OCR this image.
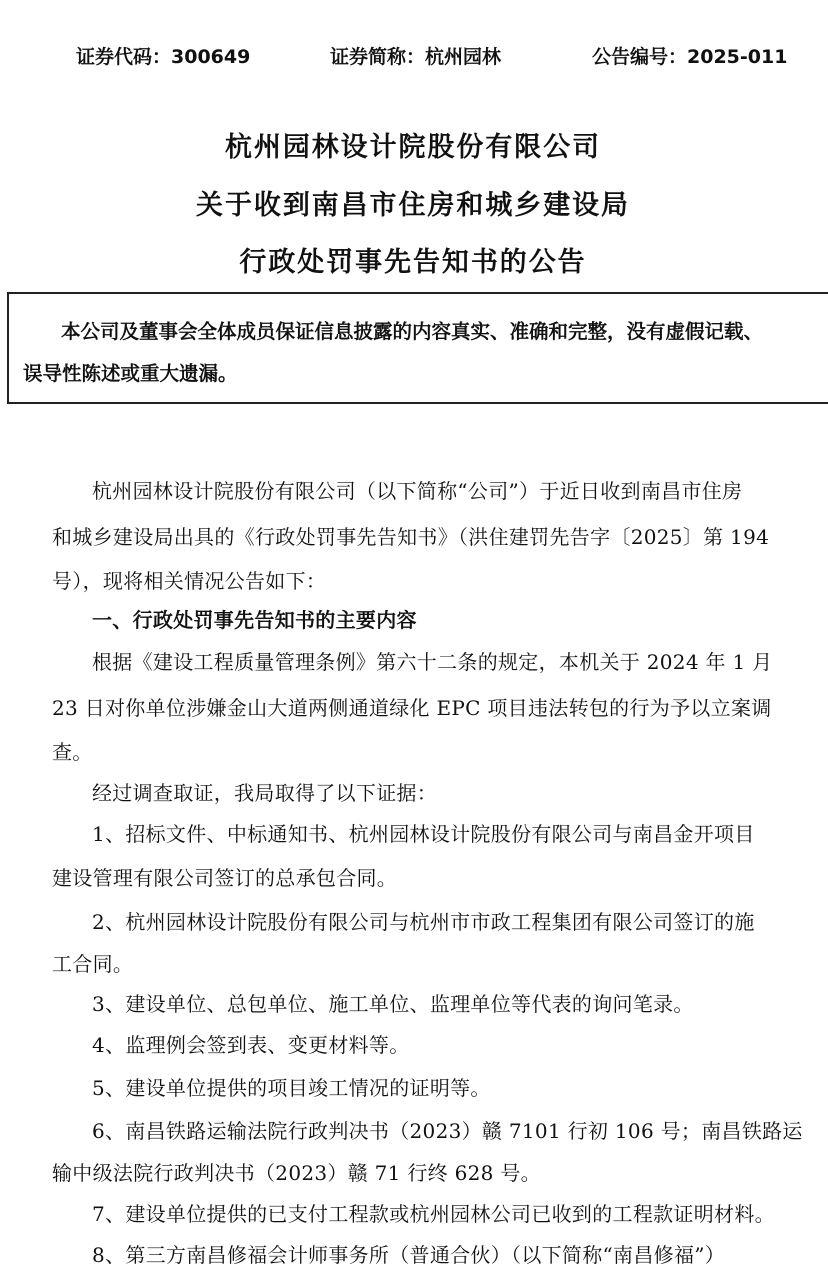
证券代码：300649	证券简称：杭州园林	公告编号：2025-011
杭州园林设计院股份有限公司
关于收到南昌市住房和城乡建设局
行政处罚事先告知书的公告
本公司及董事会全体成员保证信息披露的内容真实、准确和完整，没有虚假记载、
误导性陈述或重大遗漏。
杭州园林设计院股份有限公司（以下简称“公司”）于近日收到南昌市住房
和城乡建设局出具的《行政处罚事先告知书》（洪住建罚先告字〔2025〕第 194
号），现将相关情况公告如下：
一、行政处罚事先告知书的主要内容
根据《建设工程质量管理条例》第六十二条的规定，本机关于 2024 年 1 月
23 日对你单位涉嫌金山大道两侧通道绿化 EPC 项目违法转包的行为予以立案调
查。
经过调查取证，我局取得了以下证据：
1、招标文件、中标通知书、杭州园林设计院股份有限公司与南昌金开项目
建设管理有限公司签订的总承包合同。
2、杭州园林设计院股份有限公司与杭州市市政工程集团有限公司签订的施
工合同。
3、建设单位、总包单位、施工单位、监理单位等代表的询问笔录。
4、监理例会签到表、变更材料等。
5、建设单位提供的项目竣工情况的证明等。
6、南昌铁路运输法院行政判决书（2023）赣 7101 行初 106 号；南昌铁路运
输中级法院行政判决书（2023）赣 71 行终 628 号。
7、建设单位提供的已支付工程款或杭州园林公司已收到的工程款证明材料。
8、第三方南昌修福会计师事务所（普通合伙）（以下简称“南昌修福”）
